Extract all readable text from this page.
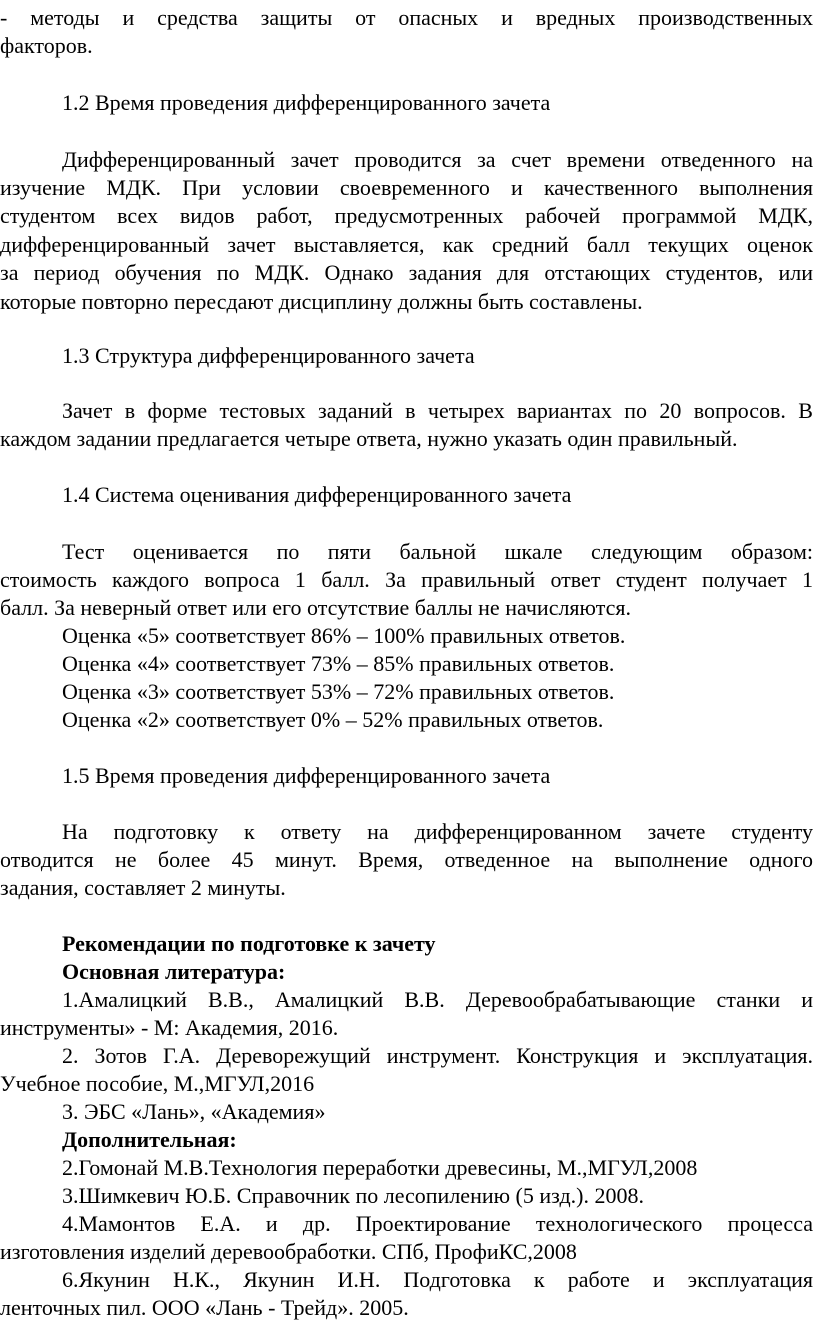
- методы и средства защиты от опасных и вредных производственных
факторов.
1.2 Время проведения дифференцированного зачета
Дифференцированный зачет проводится за счет времени отведенного на
изучение МДК. При условии своевременного и качественного выполнения
студентом всех видов работ, предусмотренных рабочей программой МДК,
дифференцированный зачет выставляется, как средний балл текущих оценок
за период обучения по МДК. Однако задания для отстающих студентов, или
которые повторно пересдают дисциплину должны быть составлены.
1.3 Структура дифференцированного зачета
Зачет в форме тестовых заданий в четырех вариантах по 20 вопросов. В
каждом задании предлагается четыре ответа, нужно указать один правильный.
1.4 Система оценивания дифференцированного зачета
Тест оценивается по пяти бальной шкале следующим образом:
стоимость каждого вопроса 1 балл. За правильный ответ студент получает 1
балл. За неверный ответ или его отсутствие баллы не начисляются.
Оценка «5» соответствует 86% – 100% правильных ответов.
Оценка «4» соответствует 73% – 85% правильных ответов.
Оценка «3» соответствует 53% – 72% правильных ответов.
Оценка «2» соответствует 0% – 52% правильных ответов.
1.5 Время проведения дифференцированного зачета
На подготовку к ответу на дифференцированном зачете студенту
отводится не более 45 минут. Время, отведенное на выполнение одного
задания, составляет 2 минуты.
Рекомендации по подготовке к зачету
Основная литература:
1.Амалицкий В.В., Амалицкий В.В. Деревообрабатывающие станки и
инструменты» - М: Академия, 2016.
2. Зотов Г.А. Дереворежущий инструмент. Конструкция и эксплуатация.
Учебное пособие, М.,МГУЛ,2016
3. ЭБС «Лань», «Академия»
Дополнительная:
2.Гомонай М.В.Технология переработки древесины, М.,МГУЛ,2008
3.Шимкевич Ю.Б. Справочник по лесопилению (5 изд.). 2008.
4.Мамонтов Е.А. и др. Проектирование технологического процесса
изготовления изделий деревообработки. СПб, ПрофиКС,2008
6.Якунин Н.К., Якунин И.Н. Подготовка к работе и эксплуатация
ленточных пил. ООО «Лань - Трейд». 2005.
